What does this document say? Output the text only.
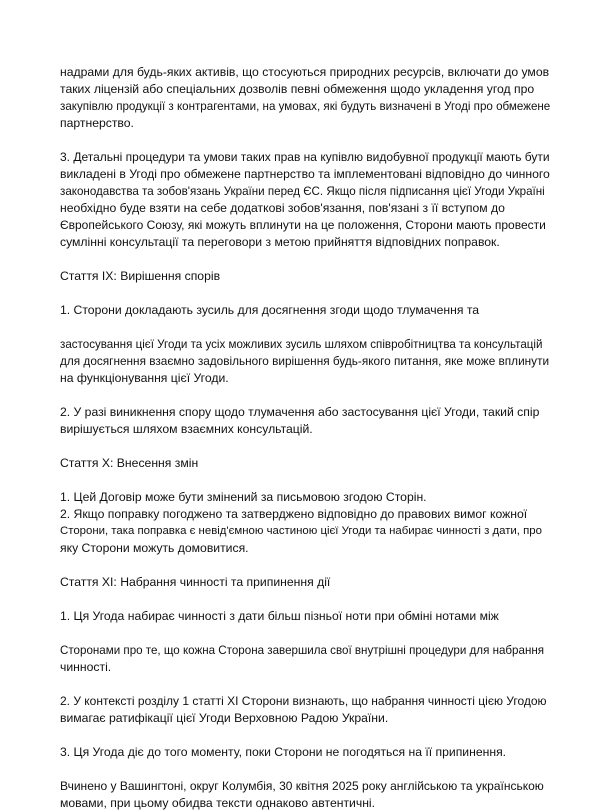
надрами для будь-яких активів, що стосуються природних ресурсів, включати до умов
таких ліцензій або спеціальних дозволів певні обмеження щодо укладення угод про
закупівлю продукції з контрагентами, на умовах, які будуть визначені в Угоді про обмежене
партнерство.
3. Детальні процедури та умови таких прав на купівлю видобувної продукції мають бути
викладені в Угоді про обмежене партнерство та імплементовані відповідно до чинного
законодавства та зобов'язань України перед ЄС. Якщо після підписання цієї Угоди Україні
необхідно буде взяти на себе додаткові зобов'язання, пов'язані з її вступом до
Європейського Союзу, які можуть вплинути на це положення, Сторони мають провести
сумлінні консультації та переговори з метою прийняття відповідних поправок.
Стаття IX: Вирішення спорів
1. Сторони докладають зусиль для досягнення згоди щодо тлумачення та
застосування цієї Угоди та усіх можливих зусиль шляхом співробітництва та консультацій
для досягнення взаємно задовільного вирішення будь-якого питання, яке може вплинути
на функціонування цієї Угоди.
2. У разі виникнення спору щодо тлумачення або застосування цієї Угоди, такий спір
вирішується шляхом взаємних консультацій.
Стаття X: Внесення змін
1. Цей Договір може бути змінений за письмовою згодою Сторін.
2. Якщо поправку погоджено та затверджено відповідно до правових вимог кожної
Сторони, така поправка є невід'ємною частиною цієї Угоди та набирає чинності з дати, про
яку Сторони можуть домовитися.
Стаття XI: Набрання чинності та припинення дії
1. Ця Угода набирає чинності з дати більш пізньої ноти при обміні нотами між
Сторонами про те, що кожна Сторона завершила свої внутрішні процедури для набрання
чинності.
2. У контексті розділу 1 статті XI Сторони визнають, що набрання чинності цією Угодою
вимагає ратифікації цієї Угоди Верховною Радою України.
3. Ця Угода діє до того моменту, поки Сторони не погодяться на її припинення.
Вчинено у Вашингтоні, округ Колумбія, 30 квітня 2025 року англійською та українською
мовами, при цьому обидва тексти однаково автентичні.
